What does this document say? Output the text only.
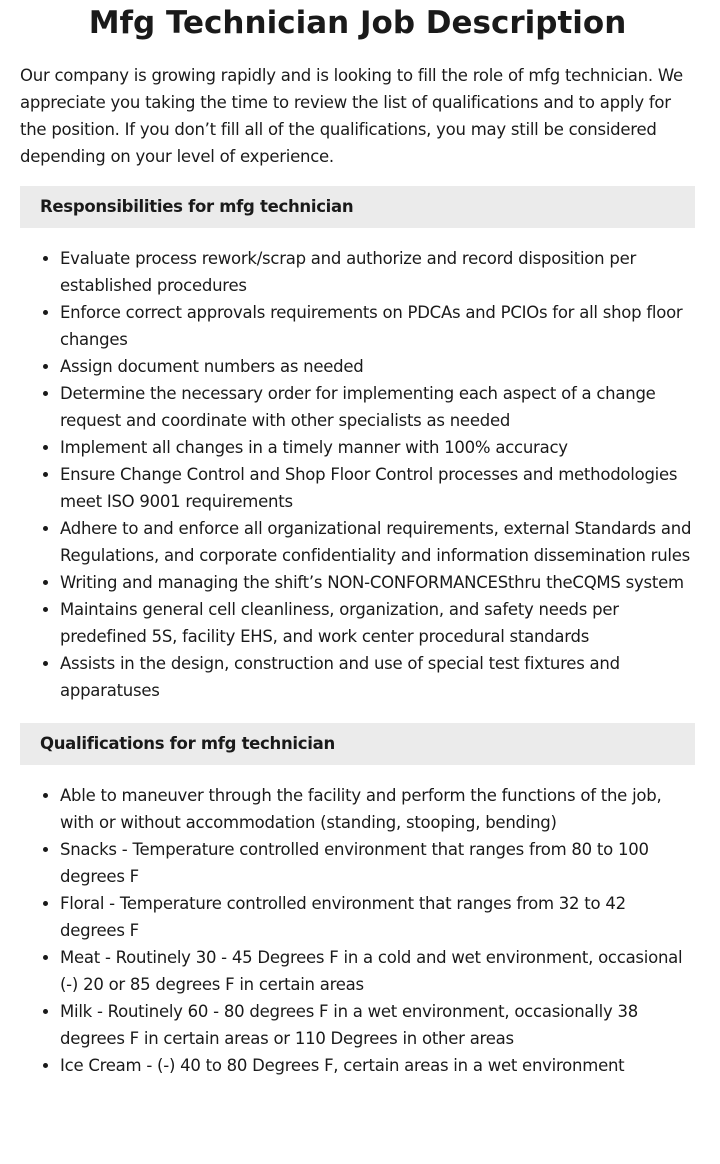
Mfg Technician Job Description

Our company is growing rapidly and is looking to fill the role of mfg technician. We appreciate you taking the time to review the list of qualifications and to apply for the position. If you don’t fill all of the qualifications, you may still be considered depending on your level of experience.

Responsibilities for mfg technician
• Evaluate process rework/scrap and authorize and record disposition per established procedures
• Enforce correct approvals requirements on PDCAs and PCIOs for all shop floor changes
• Assign document numbers as needed
• Determine the necessary order for implementing each aspect of a change request and coordinate with other specialists as needed
• Implement all changes in a timely manner with 100% accuracy
• Ensure Change Control and Shop Floor Control processes and methodologies meet ISO 9001 requirements
• Adhere to and enforce all organizational requirements, external Standards and Regulations, and corporate confidentiality and information dissemination rules
• Writing and managing the shift’s NON-CONFORMANCESthru theCQMS system
• Maintains general cell cleanliness, organization, and safety needs per predefined 5S, facility EHS, and work center procedural standards
• Assists in the design, construction and use of special test fixtures and apparatuses
Qualifications for mfg technician
• Able to maneuver through the facility and perform the functions of the job, with or without accommodation (standing, stooping, bending)
• Snacks - Temperature controlled environment that ranges from 80 to 100 degrees F
• Floral - Temperature controlled environment that ranges from 32 to 42 degrees F
• Meat - Routinely 30 - 45 Degrees F in a cold and wet environment, occasional (-) 20 or 85 degrees F in certain areas
• Milk - Routinely 60 - 80 degrees F in a wet environment, occasionally 38 degrees F in certain areas or 110 Degrees in other areas
• Ice Cream - (-) 40 to 80 Degrees F, certain areas in a wet environment
